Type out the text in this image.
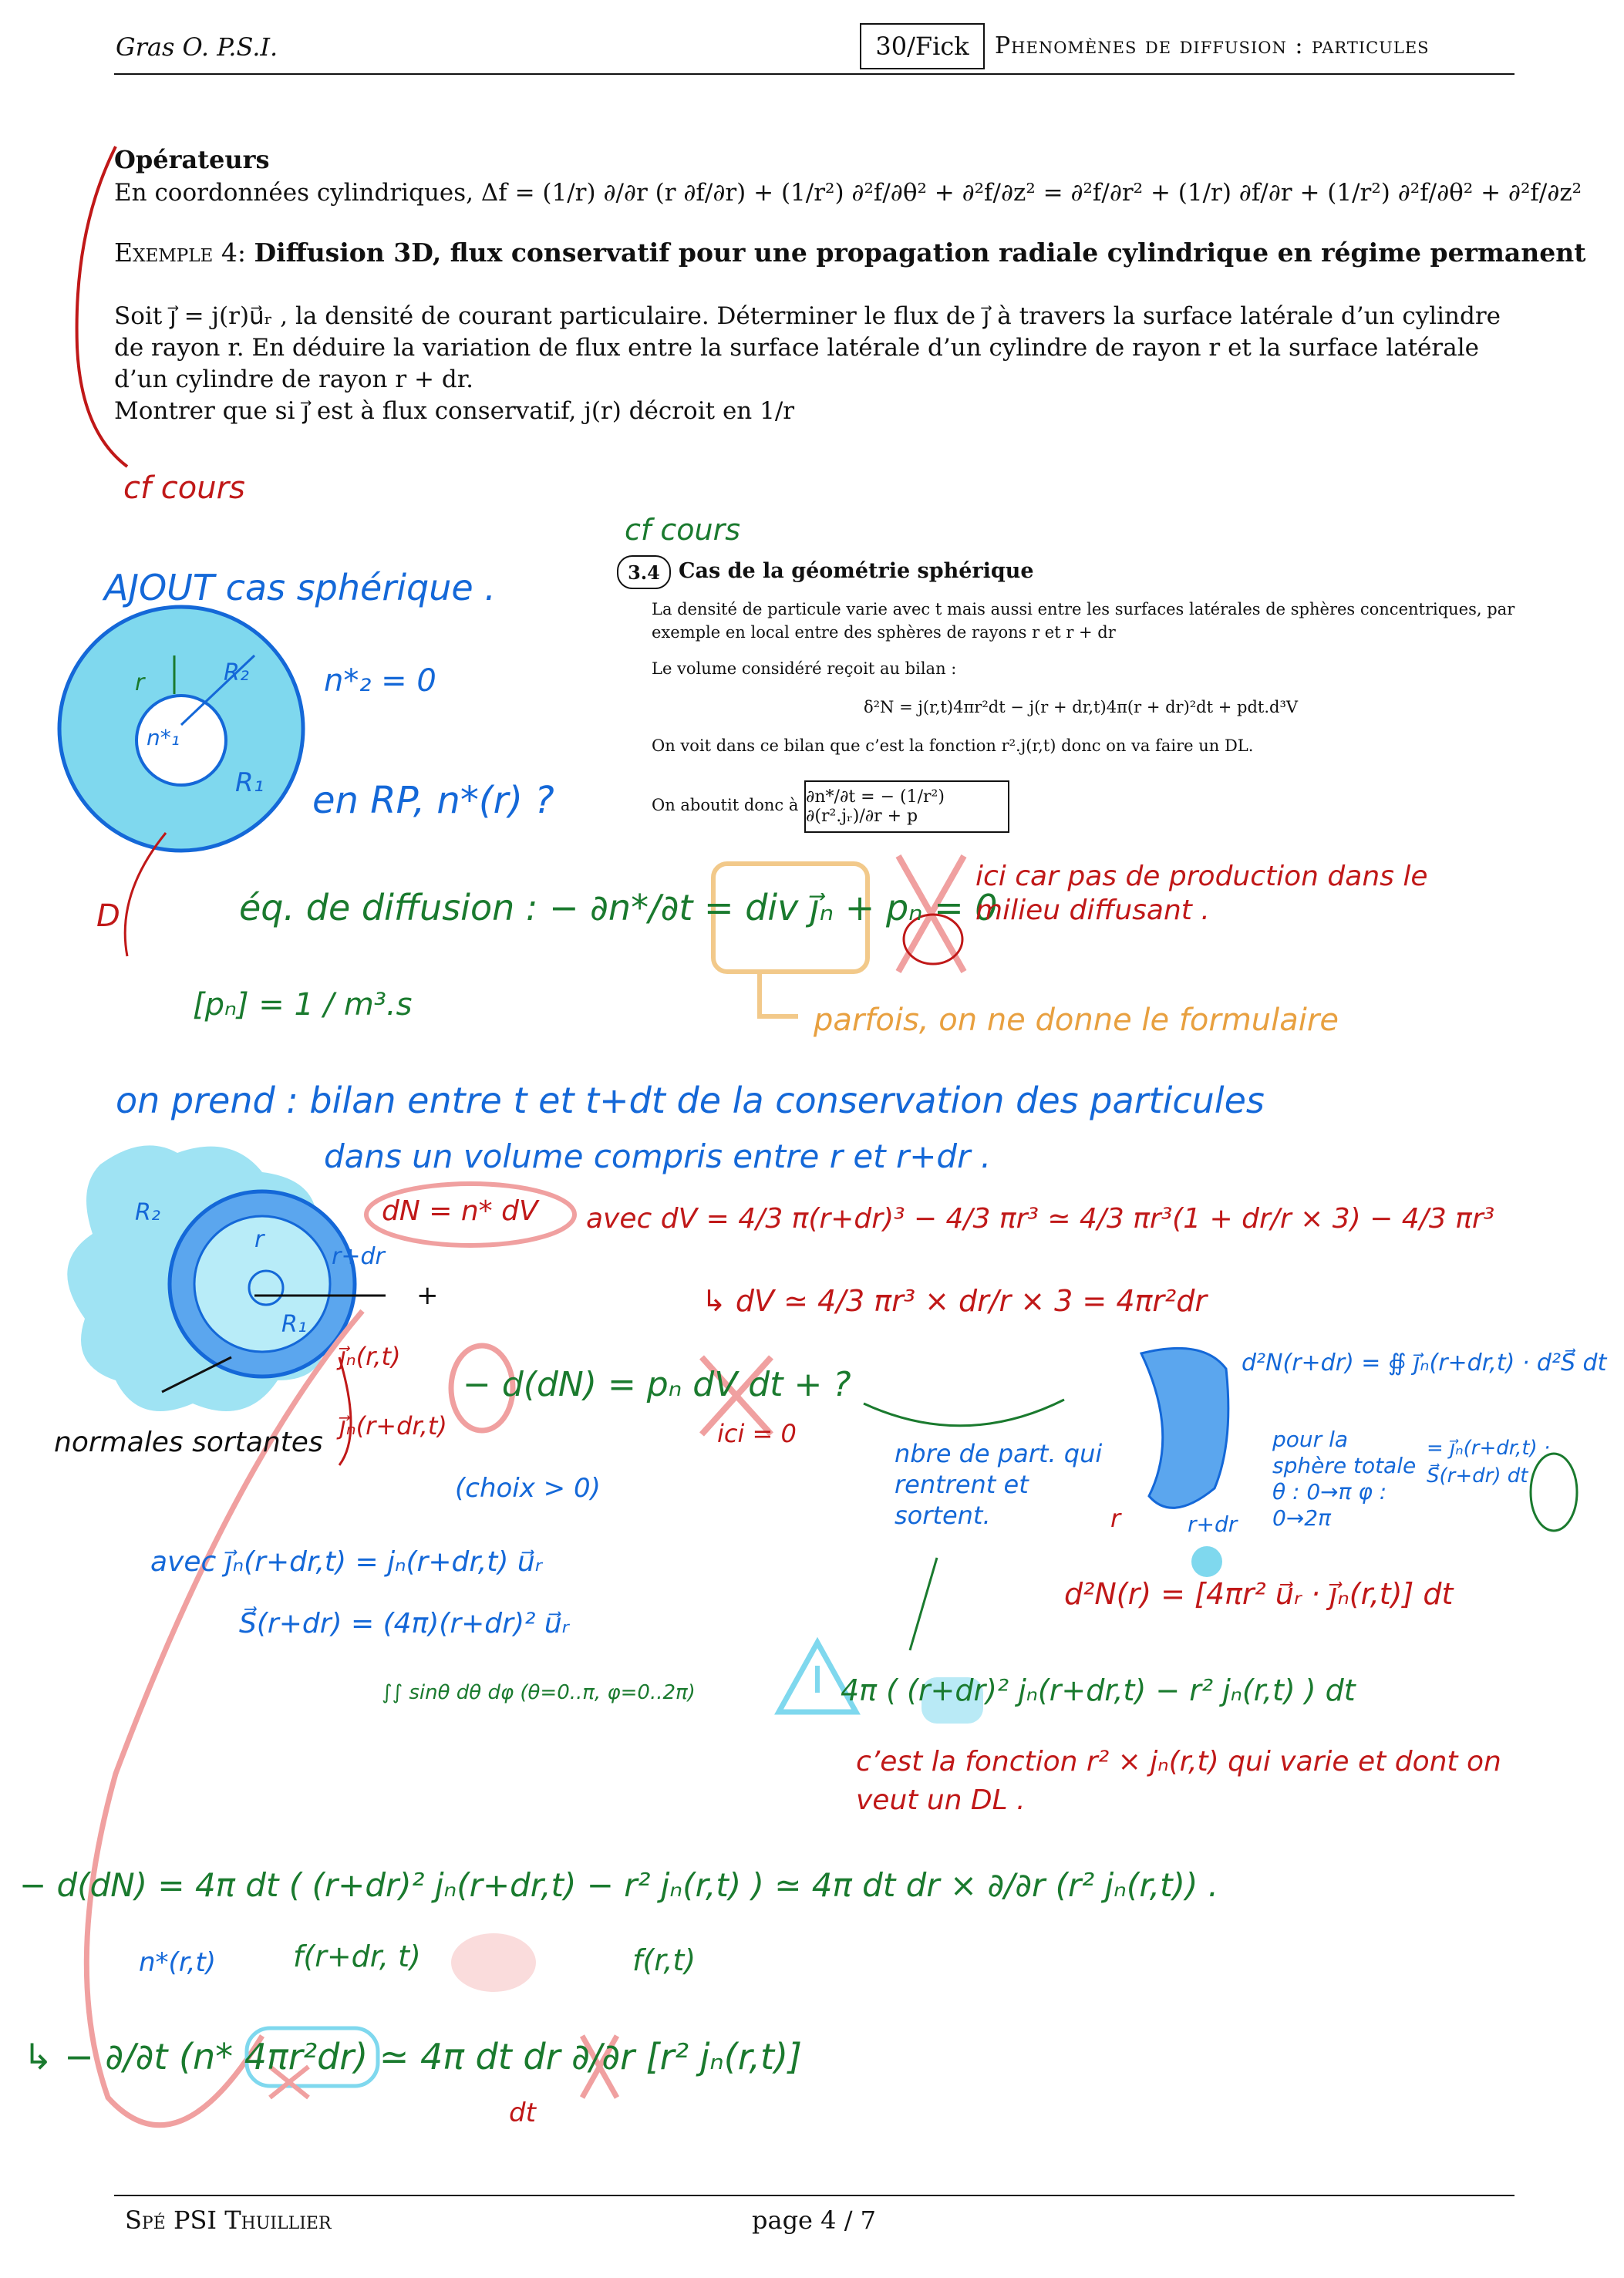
Gras O. P.S.I.	30/Fick	Phenomènes de diffusion : particules
Opérateurs
En coordonnées cylindriques, Δf = (1/r) ∂/∂r (r ∂f/∂r) + (1/r²) ∂²f/∂θ² + ∂²f/∂z² = ∂²f/∂r² + (1/r) ∂f/∂r + (1/r²) ∂²f/∂θ² + ∂²f/∂z²
Exemple 4: Diffusion 3D, flux conservatif pour une propagation radiale cylindrique en régime permanent

Soit j⃗ = j(r)u⃗ᵣ , la densité de courant particulaire. Déterminer le flux de j⃗ à travers la surface latérale d’un cylindre de rayon r. En déduire la variation de flux entre la surface latérale d’un cylindre de rayon r et la surface latérale d’un cylindre de rayon r + dr.

Montrer que si j⃗ est à flux conservatif, j(r) décroit en 1/r

3.4 Cas de la géométrie sphérique
La densité de particule varie avec t mais aussi entre les surfaces latérales de sphères concentriques, par exemple en local entre des sphères de rayons r et r + dr
Le volume considéré reçoit au bilan :
δ²N = j(r,t)4πr²dt − j(r + dr,t)4π(r + dr)²dt + pdt.d³V
On voit dans ce bilan que c’est la fonction r².j(r,t) donc on va faire un DL.
On aboutit donc à ∂n*/∂t = − (1/r²) ∂(r².jᵣ)/∂r + p
cf cours
cf cours
AJOUT cas sphérique .
n*₂ = 0
en RP, n*(r) ?
D
r	R₂
R₁
n*₁
éq. de diffusion : − ∂n*/∂t = div j⃗ₙ + pₙ = 0
ici car pas de production dans le milieu diffusant .
[pₙ] = 1 / m³.s	parfois, on ne donne le formulaire
on prend : bilan entre t et t+dt de la conservation des particules
dans un volume compris entre r et r+dr .
dN = n* dV avec dV = 4/3 π(r+dr)³ − 4/3 πr³ ≃ 4/3 πr³(1 + dr/r × 3) − 4/3 πr³
↳ dV ≃ 4/3 πr³ × dr/r × 3 = 4πr²dr
R₂
r
r+dr
R₁
+
j⃗ₙ(r,t)
j⃗ₙ(r+dr,t)
normales sortantes
− d(dN) = pₙ dV dt + ?
ici = 0
(choix > 0)
nbre de part. qui rentrent et sortent.
d²N(r+dr) = ∯ j⃗ₙ(r+dr,t) · d²S⃗ dt
pour la sphère totale θ : 0→π φ : 0→2π
= j⃗ₙ(r+dr,t) · S⃗(r+dr) dt
r	r+dr
d²N(r) = [4πr² u⃗ᵣ · j⃗ₙ(r,t)] dt
avec j⃗ₙ(r+dr,t) = jₙ(r+dr,t) u⃗ᵣ
S⃗(r+dr) = (4π)(r+dr)² u⃗ᵣ
∫∫ sinθ dθ dφ (θ=0..π, φ=0..2π)	4π ( (r+dr)² jₙ(r+dr,t) − r² jₙ(r,t) ) dt
c’est la fonction r² × jₙ(r,t) qui varie et dont on veut un DL .
− d(dN) = 4π dt ( (r+dr)² jₙ(r+dr,t) − r² jₙ(r,t) ) ≃ 4π dt dr × ∂/∂r (r² jₙ(r,t)) .
f(r+dr, t)	f(r,t)
n*(r,t)
↳ − ∂/∂t (n* 4πr²dr) ≃ 4π dt dr ∂/∂r [r² jₙ(r,t)]
dt
Spé PSI Thuillier	page 4 / 7
